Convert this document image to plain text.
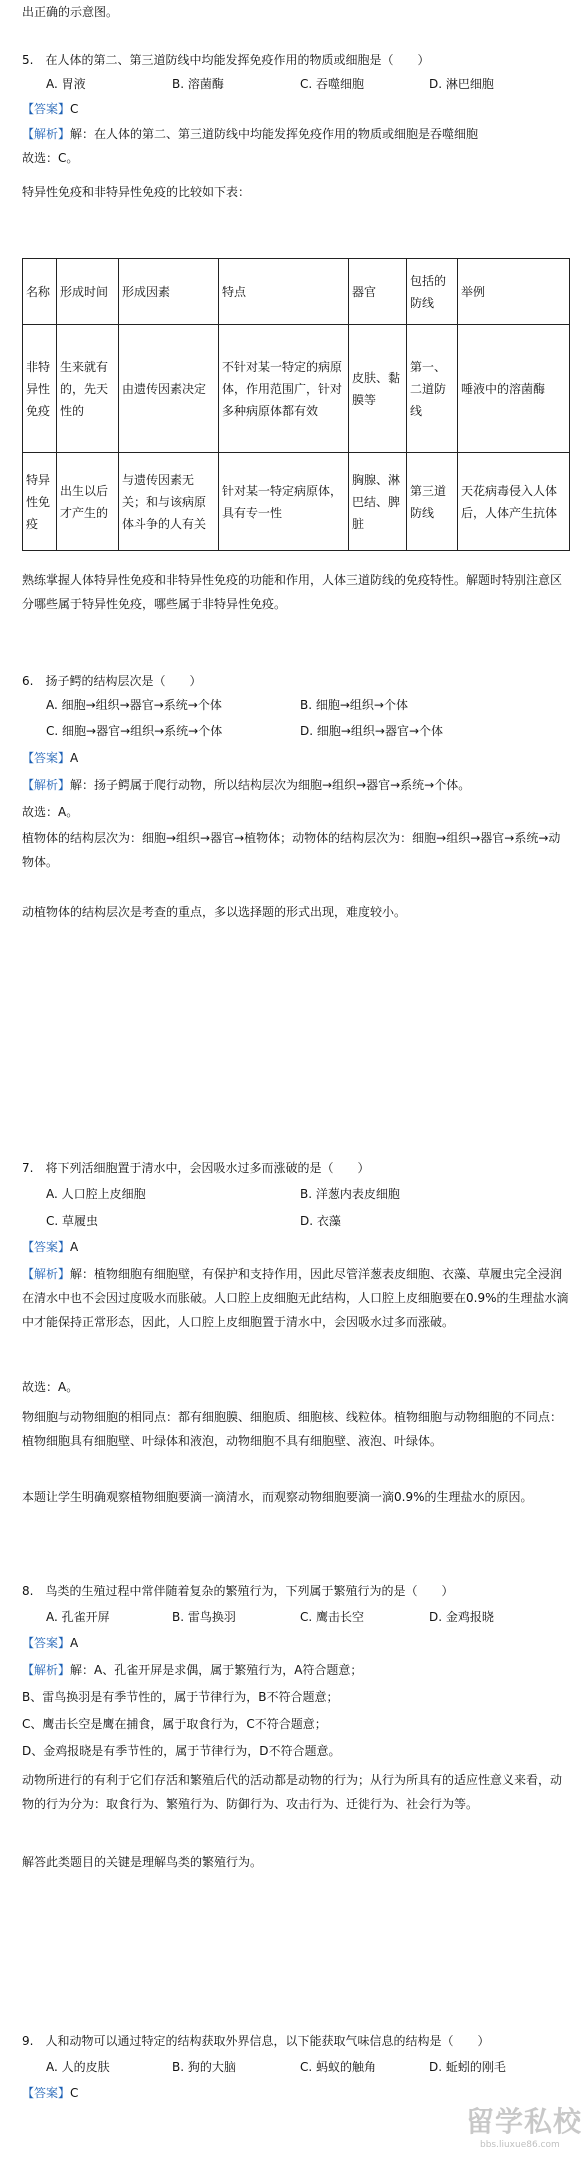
出正确的示意图。
5.　在人体的第二、第三道防线中均能发挥免疫作用的物质或细胞是（　　）
A. 胃液	B. 溶菌酶	C. 吞噬细胞	D. 淋巴细胞
【答案】C
【解析】解：在人体的第二、第三道防线中均能发挥免疫作用的物质或细胞是吞噬细胞
故选：C。
特异性免疫和非特异性免疫的比较如下表：
名称	形成时间	形成因素	特点	器官	包括的防线	举例
非特异性免疫	生来就有的，先天性的	由遗传因素决定	不针对某一特定的病原体，作用范围广，针对多种病原体都有效	皮肤、黏膜等	第一、二道防线	唾液中的溶菌酶
特异性免疫	出生以后才产生的	与遗传因素无关；和与该病原体斗争的人有关	针对某一特定病原体，具有专一性	胸腺、淋巴结、脾脏	第三道防线	天花病毒侵入人体后，人体产生抗体
熟练掌握人体特异性免疫和非特异性免疫的功能和作用，人体三道防线的免疫特性。解题时特别注意区分哪些属于特异性免疫，哪些属于非特异性免疫。
6.　扬子鳄的结构层次是（　　）
A. 细胞→组织→器官→系统→个体	B. 细胞→组织→个体
C. 细胞→器官→组织→系统→个体	D. 细胞→组织→器官→个体
【答案】A
【解析】解：扬子鳄属于爬行动物，所以结构层次为细胞→组织→器官→系统→个体。
故选：A。
植物体的结构层次为：细胞→组织→器官→植物体；动物体的结构层次为：细胞→组织→器官→系统→动物体。
动植物体的结构层次是考查的重点，多以选择题的形式出现，难度较小。
7.　将下列活细胞置于清水中，会因吸水过多而涨破的是（　　）
A. 人口腔上皮细胞	B. 洋葱内表皮细胞
C. 草履虫	D. 衣藻
【答案】A
【解析】解：植物细胞有细胞壁，有保护和支持作用，因此尽管洋葱表皮细胞、衣藻、草履虫完全浸润在清水中也不会因过度吸水而胀破。人口腔上皮细胞无此结构，人口腔上皮细胞要在0.9%的生理盐水滴中才能保持正常形态，因此，人口腔上皮细胞置于清水中，会因吸水过多而涨破。
故选：A。
物细胞与动物细胞的相同点：都有细胞膜、细胞质、细胞核、线粒体。植物细胞与动物细胞的不同点：植物细胞具有细胞壁、叶绿体和液泡，动物细胞不具有细胞壁、液泡、叶绿体。
本题让学生明确观察植物细胞要滴一滴清水，而观察动物细胞要滴一滴0.9%的生理盐水的原因。
8.　鸟类的生殖过程中常伴随着复杂的繁殖行为，下列属于繁殖行为的是（　　）
A. 孔雀开屏	B. 雷鸟换羽	C. 鹰击长空	D. 金鸡报晓
【答案】A
【解析】解：A、孔雀开屏是求偶，属于繁殖行为，A符合题意；
B、雷鸟换羽是有季节性的，属于节律行为，B不符合题意；
C、鹰击长空是鹰在捕食，属于取食行为，C不符合题意；
D、金鸡报晓是有季节性的，属于节律行为，D不符合题意。
动物所进行的有利于它们存活和繁殖后代的活动都是动物的行为；从行为所具有的适应性意义来看，动物的行为分为：取食行为、繁殖行为、防御行为、攻击行为、迁徙行为、社会行为等。
解答此类题目的关键是理解鸟类的繁殖行为。
9.　人和动物可以通过特定的结构获取外界信息，以下能获取气味信息的结构是（　　）
A. 人的皮肤	B. 狗的大脑	C. 蚂蚁的触角	D. 蚯蚓的刚毛
【答案】C
留学私校
bbs.liuxue86.com
